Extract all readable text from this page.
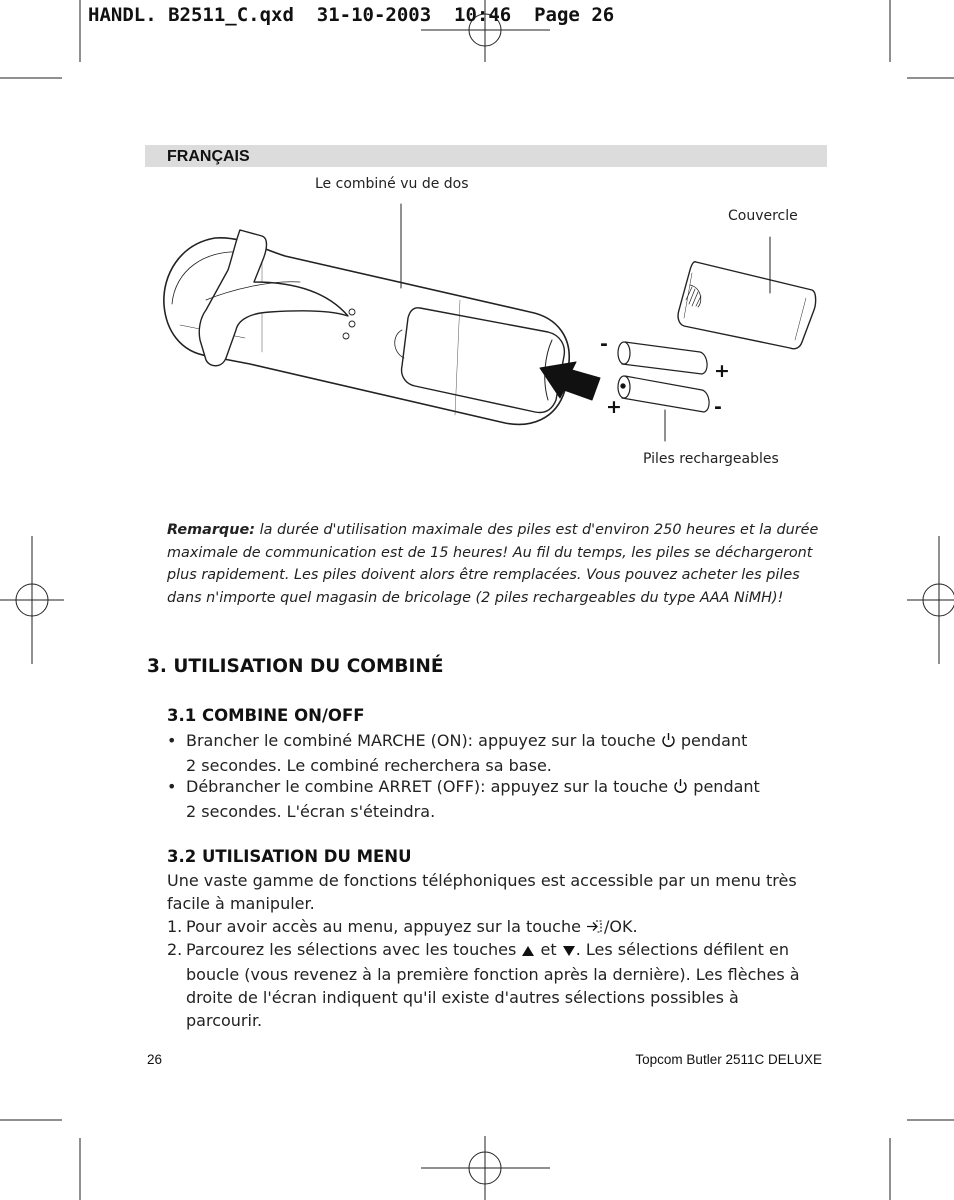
HANDL. B2511_C.qxd  31-10-2003  10:46  Page 26
FRANÇAIS
Le combiné vu de dos
Couvercle
Piles rechargeables
-
+
+	-
Remarque: la durée d'utilisation maximale des piles est d'environ 250 heures et la durée maximale de communication est de 15 heures! Au fil du temps, les piles se déchargeront plus rapidement. Les piles doivent alors être remplacées. Vous pouvez acheter les piles dans n'importe quel magasin de bricolage (2 piles rechargeables du type AAA NiMH)!
3. UTILISATION DU COMBINÉ
3.1 COMBINE ON/OFF
• Brancher le combiné MARCHE (ON): appuyez sur la touche  pendant
2 secondes. Le combiné recherchera sa base.
• Débrancher le combine ARRET (OFF): appuyez sur la touche  pendant
2 secondes. L'écran s'éteindra.
3.2 UTILISATION DU MENU
Une vaste gamme de fonctions téléphoniques est accessible par un menu très facile à manipuler.
1. Pour avoir accès au menu, appuyez sur la touche /OK.
2. Parcourez les sélections avec les touches  et . Les sélections défilent en boucle (vous revenez à la première fonction après la dernière). Les flèches à droite de l'écran indiquent qu'il existe d'autres sélections possibles à parcourir.
26	Topcom Butler 2511C DELUXE
